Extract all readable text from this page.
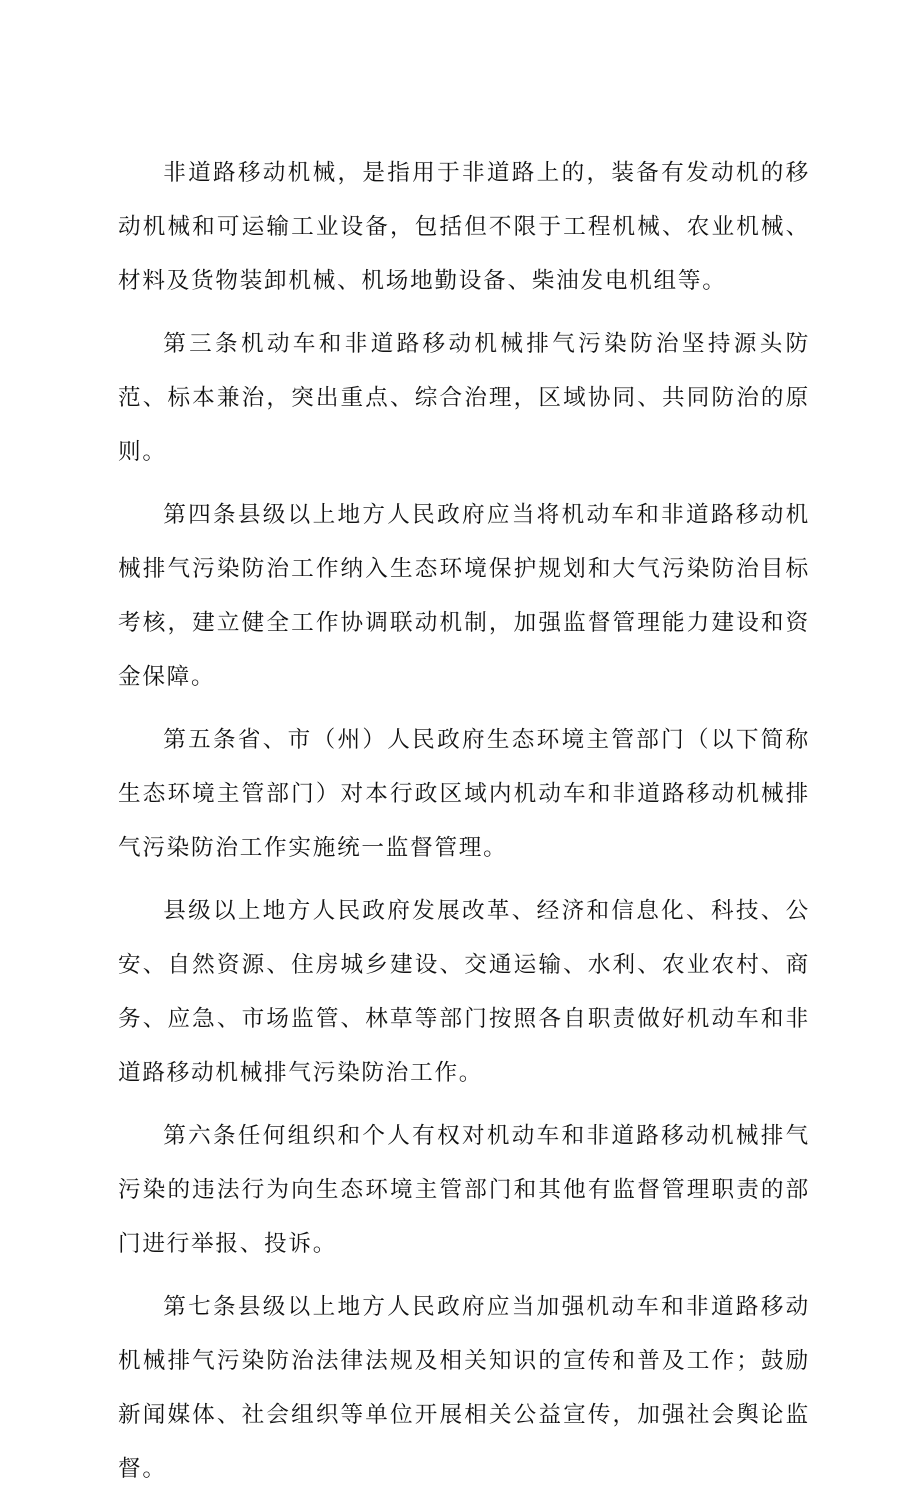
非道路移动机械，是指用于非道路上的，装备有发动机的移动机械和可运输工业设备，包括但不限于工程机械、农业机械、材料及货物装卸机械、机场地勤设备、柴油发电机组等。

第三条机动车和非道路移动机械排气污染防治坚持源头防范、标本兼治，突出重点、综合治理，区域协同、共同防治的原则。

第四条县级以上地方人民政府应当将机动车和非道路移动机械排气污染防治工作纳入生态环境保护规划和大气污染防治目标考核，建立健全工作协调联动机制，加强监督管理能力建设和资金保障。

第五条省、市（州）人民政府生态环境主管部门（以下简称生态环境主管部门）对本行政区域内机动车和非道路移动机械排气污染防治工作实施统一监督管理。

县级以上地方人民政府发展改革、经济和信息化、科技、公安、自然资源、住房城乡建设、交通运输、水利、农业农村、商务、应急、市场监管、林草等部门按照各自职责做好机动车和非道路移动机械排气污染防治工作。

第六条任何组织和个人有权对机动车和非道路移动机械排气污染的违法行为向生态环境主管部门和其他有监督管理职责的部门进行举报、投诉。

第七条县级以上地方人民政府应当加强机动车和非道路移动机械排气污染防治法律法规及相关知识的宣传和普及工作；鼓励新闻媒体、社会组织等单位开展相关公益宣传，加强社会舆论监督。
